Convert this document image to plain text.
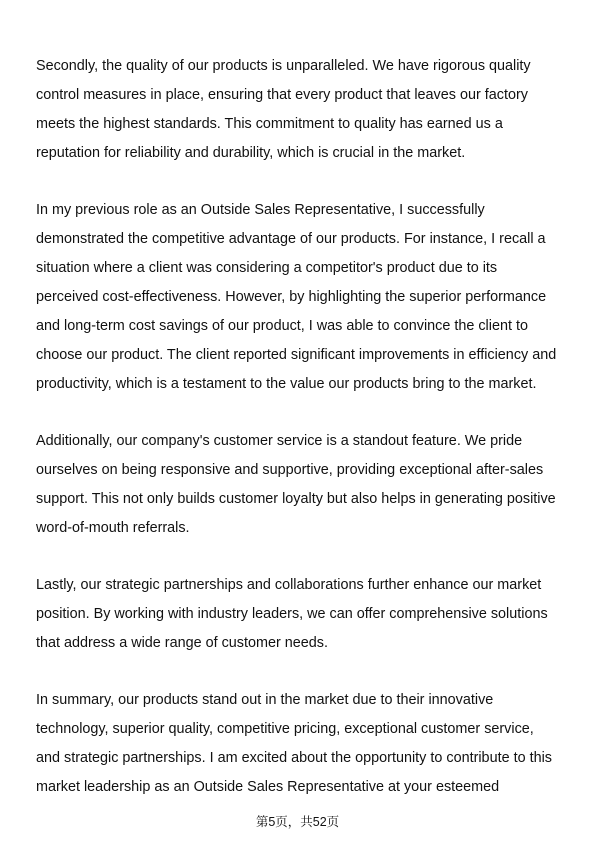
Secondly, the quality of our products is unparalleled. We have rigorous quality
control measures in place, ensuring that every product that leaves our factory
meets the highest standards. This commitment to quality has earned us a
reputation for reliability and durability, which is crucial in the market.

In my previous role as an Outside Sales Representative, I successfully
demonstrated the competitive advantage of our products. For instance, I recall a
situation where a client was considering a competitor's product due to its
perceived cost-effectiveness. However, by highlighting the superior performance
and long-term cost savings of our product, I was able to convince the client to
choose our product. The client reported significant improvements in efficiency and
productivity, which is a testament to the value our products bring to the market.

Additionally, our company's customer service is a standout feature. We pride
ourselves on being responsive and supportive, providing exceptional after-sales
support. This not only builds customer loyalty but also helps in generating positive
word-of-mouth referrals.

Lastly, our strategic partnerships and collaborations further enhance our market
position. By working with industry leaders, we can offer comprehensive solutions
that address a wide range of customer needs.

In summary, our products stand out in the market due to their innovative
technology, superior quality, competitive pricing, exceptional customer service,
and strategic partnerships. I am excited about the opportunity to contribute to this
market leadership as an Outside Sales Representative at your esteemed

第5页，共52页
